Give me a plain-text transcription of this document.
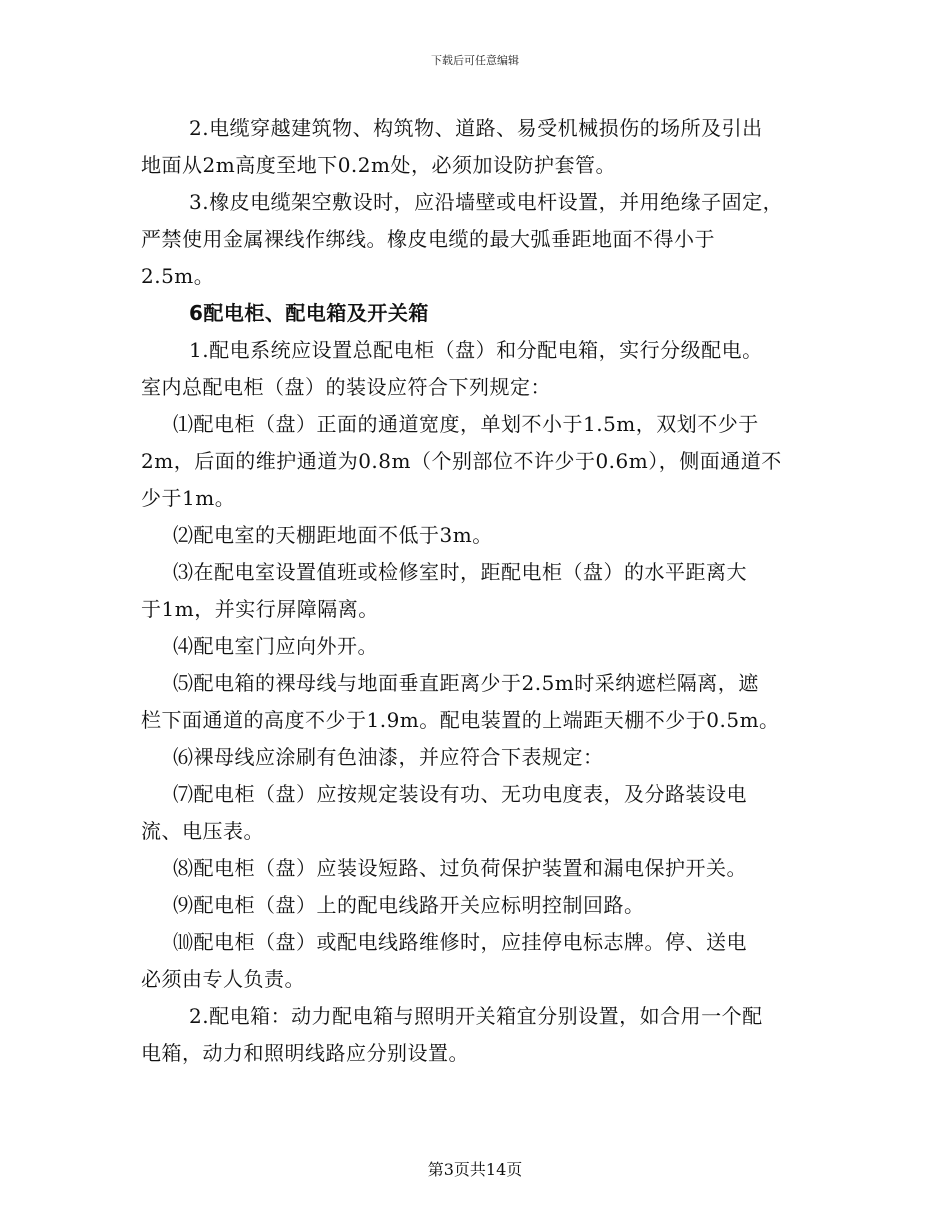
下载后可任意编辑
2.电缆穿越建筑物、构筑物、道路、易受机械损伤的场所及引出
地面从2m高度至地下0.2m处，必须加设防护套管。
3.橡皮电缆架空敷设时，应沿墙壁或电杆设置，并用绝缘子固定，
严禁使用金属裸线作绑线。橡皮电缆的最大弧垂距地面不得小于
2.5m。
6配电柜、配电箱及开关箱
1.配电系统应设置总配电柜（盘）和分配电箱，实行分级配电。
室内总配电柜（盘）的装设应符合下列规定：
⑴配电柜（盘）正面的通道宽度，单划不小于1.5m，双划不少于
2m，后面的维护通道为0.8m（个别部位不许少于0.6m），侧面通道不
少于1m。
⑵配电室的天棚距地面不低于3m。
⑶在配电室设置值班或检修室时，距配电柜（盘）的水平距离大
于1m，并实行屏障隔离。
⑷配电室门应向外开。
⑸配电箱的裸母线与地面垂直距离少于2.5m时采纳遮栏隔离，遮
栏下面通道的高度不少于1.9m。配电装置的上端距天棚不少于0.5m。
⑹裸母线应涂刷有色油漆，并应符合下表规定：
⑺配电柜（盘）应按规定装设有功、无功电度表，及分路装设电
流、电压表。
⑻配电柜（盘）应装设短路、过负荷保护装置和漏电保护开关。
⑼配电柜（盘）上的配电线路开关应标明控制回路。
⑽配电柜（盘）或配电线路维修时，应挂停电标志牌。停、送电
必须由专人负责。
2.配电箱：动力配电箱与照明开关箱宜分别设置，如合用一个配
电箱，动力和照明线路应分别设置。
第3页共14页
